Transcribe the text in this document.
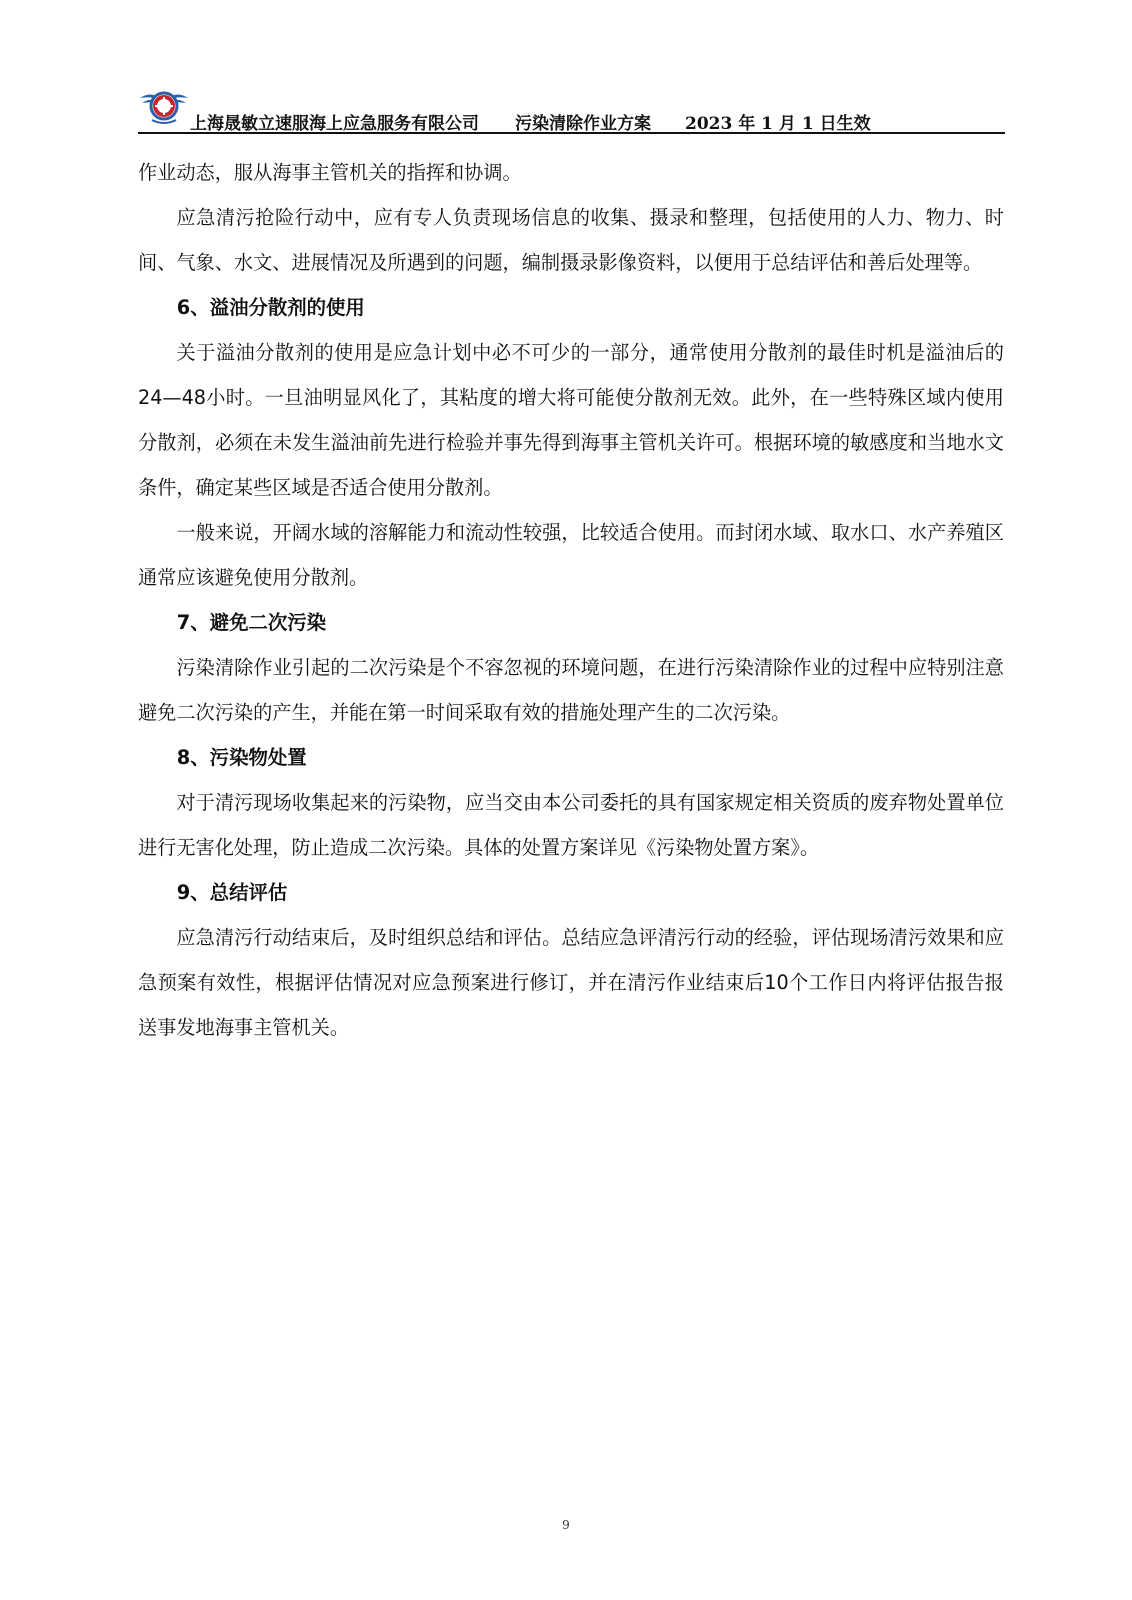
上海晟敏立速服海上应急服务有限公司 污染清除作业方案 2023 年 1 月 1 日生效

作业动态，服从海事主管机关的指挥和协调。

应急清污抢险行动中，应有专人负责现场信息的收集、摄录和整理，包括使用的人力、物力、时间、气象、水文、进展情况及所遇到的问题，编制摄录影像资料，以便用于总结评估和善后处理等。

6、溢油分散剂的使用

关于溢油分散剂的使用是应急计划中必不可少的一部分，通常使用分散剂的最佳时机是溢油后的24—48小时。一旦油明显风化了，其粘度的增大将可能使分散剂无效。此外，在一些特殊区域内使用分散剂，必须在未发生溢油前先进行检验并事先得到海事主管机关许可。根据环境的敏感度和当地水文条件，确定某些区域是否适合使用分散剂。

一般来说，开阔水域的溶解能力和流动性较强，比较适合使用。而封闭水域、取水口、水产养殖区通常应该避免使用分散剂。

7、避免二次污染

污染清除作业引起的二次污染是个不容忽视的环境问题，在进行污染清除作业的过程中应特别注意避免二次污染的产生，并能在第一时间采取有效的措施处理产生的二次污染。

8、污染物处置

对于清污现场收集起来的污染物，应当交由本公司委托的具有国家规定相关资质的废弃物处置单位进行无害化处理，防止造成二次污染。具体的处置方案详见《污染物处置方案》。

9、总结评估

应急清污行动结束后，及时组织总结和评估。总结应急评清污行动的经验，评估现场清污效果和应急预案有效性，根据评估情况对应急预案进行修订，并在清污作业结束后10个工作日内将评估报告报送事发地海事主管机关。

9
